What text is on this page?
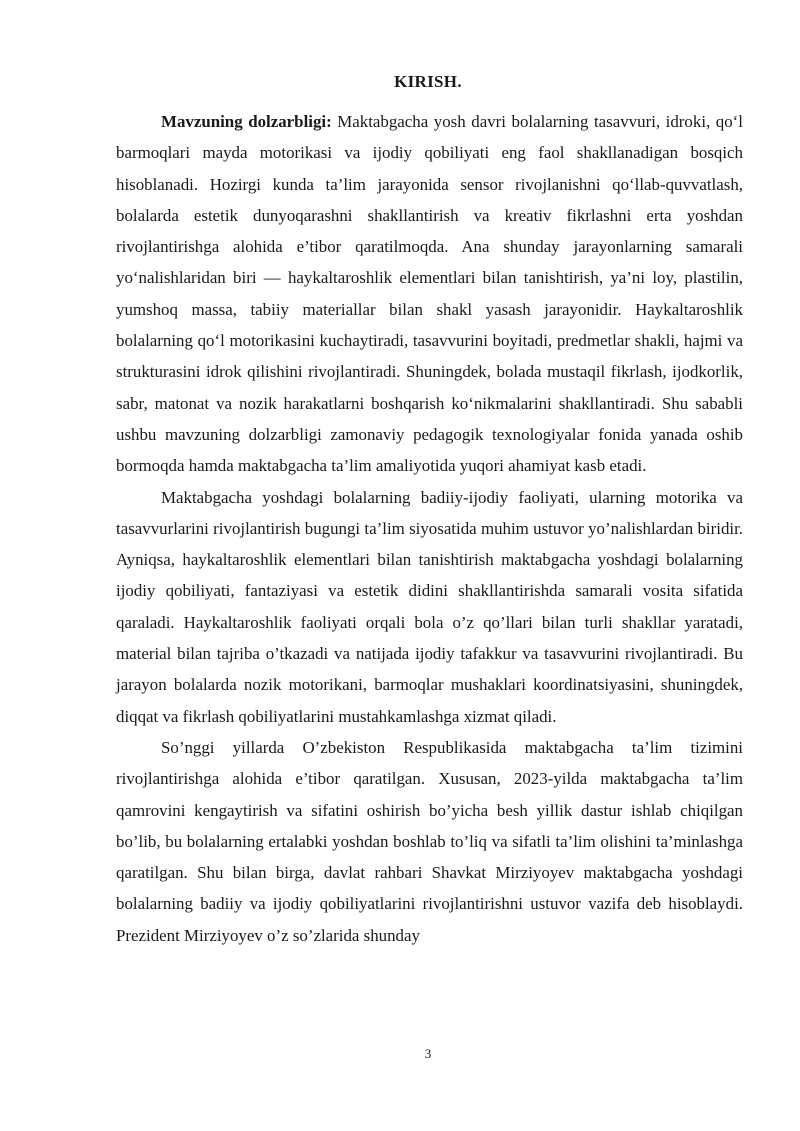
KIRISH.

Mavzuning dolzarbligi: Maktabgacha yosh davri bolalarning tasavvuri, idroki, qo‘l barmoqlari mayda motorikasi va ijodiy qobiliyati eng faol shakllanadigan bosqich hisoblanadi. Hozirgi kunda ta’lim jarayonida sensor rivojlanishni qo‘llab-quvvatlash, bolalarda estetik dunyoqarashni shakllantirish va kreativ fikrlashni erta yoshdan rivojlantirishga alohida e’tibor qaratilmoqda. Ana shunday jarayonlarning samarali yo‘nalishlaridan biri — haykaltaroshlik elementlari bilan tanishtirish, ya’ni loy, plastilin, yumshoq massa, tabiiy materiallar bilan shakl yasash jarayonidir. Haykaltaroshlik bolalarning qo‘l motorikasini kuchaytiradi, tasavvurini boyitadi, predmetlar shakli, hajmi va strukturasini idrok qilishini rivojlantiradi. Shuningdek, bolada mustaqil fikrlash, ijodkorlik, sabr, matonat va nozik harakatlarni boshqarish ko‘nikmalarini shakllantiradi. Shu sababli ushbu mavzuning dolzarbligi zamonaviy pedagogik texnologiyalar fonida yanada oshib bormoqda hamda maktabgacha ta’lim amaliyotida yuqori ahamiyat kasb etadi.

Maktabgacha yoshdagi bolalarning badiiy-ijodiy faoliyati, ularning motorika va tasavvurlarini rivojlantirish bugungi ta’lim siyosatida muhim ustuvor yo’nalishlardan biridir. Ayniqsa, haykaltaroshlik elementlari bilan tanishtirish maktabgacha yoshdagi bolalarning ijodiy qobiliyati, fantaziyasi va estetik didini shakllantirishda samarali vosita sifatida qaraladi. Haykaltaroshlik faoliyati orqali bola o’z qo’llari bilan turli shakllar yaratadi, material bilan tajriba o’tkazadi va natijada ijodiy tafakkur va tasavvurini rivojlantiradi. Bu jarayon bolalarda nozik motorikani, barmoqlar mushaklari koordinatsiyasini, shuningdek, diqqat va fikrlash qobiliyatlarini mustahkamlashga xizmat qiladi.

So’nggi yillarda O’zbekiston Respublikasida maktabgacha ta’lim tizimini rivojlantirishga alohida e’tibor qaratilgan. Xususan, 2023-yilda maktabgacha ta’lim qamrovini kengaytirish va sifatini oshirish bo’yicha besh yillik dastur ishlab chiqilgan bo’lib, bu bolalarning ertalabki yoshdan boshlab to’liq va sifatli ta’lim olishini ta’minlashga qaratilgan. Shu bilan birga, davlat rahbari Shavkat Mirziyoyev maktabgacha yoshdagi bolalarning badiiy va ijodiy qobiliyatlarini rivojlantirishni ustuvor vazifa deb hisoblaydi. Prezident Mirziyoyev o’z so’zlarida shunday

3
